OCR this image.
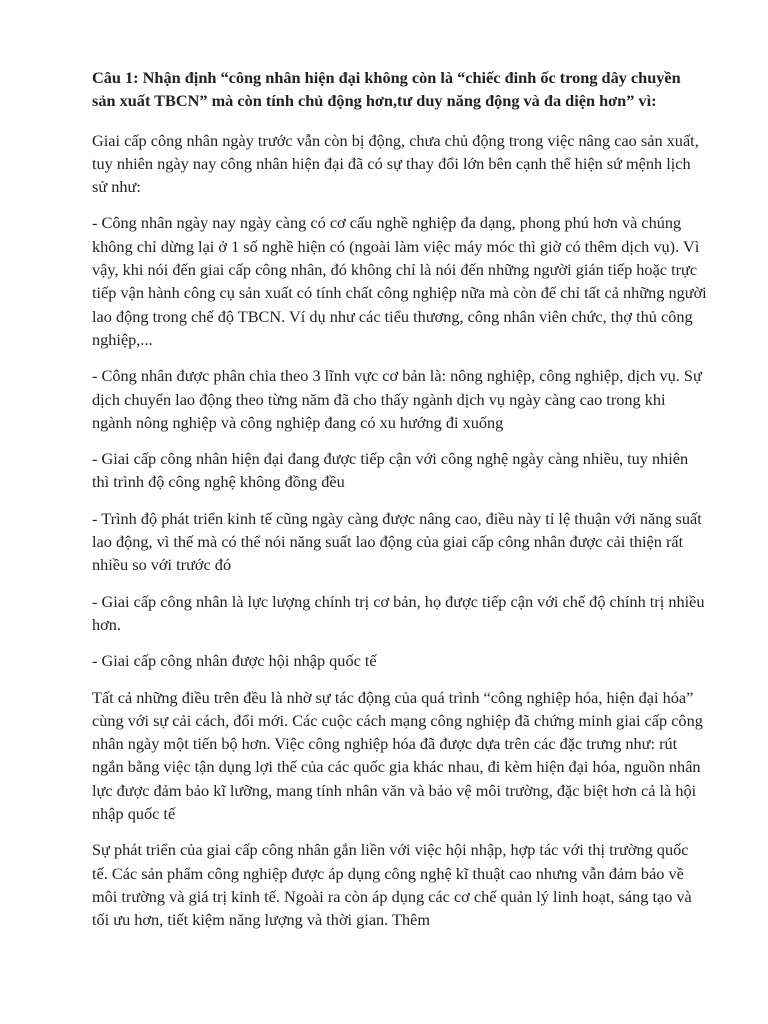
Câu 1: Nhận định “công nhân hiện đại không còn là “chiếc đinh ốc trong dây chuyền sản xuất TBCN” mà còn tính chủ động hơn,tư duy năng động và đa diện hơn” vì:

Giai cấp công nhân ngày trước vẫn còn bị động, chưa chủ động trong việc nâng cao sản xuất, tuy nhiên ngày nay công nhân hiện đại đã có sự thay đổi lớn bên cạnh thể hiện sứ mệnh lịch sử như:

- Công nhân ngày nay ngày càng có cơ cấu nghề nghiệp đa dạng, phong phú hơn và chúng không chỉ dừng lại ở 1 số nghề hiện có (ngoài làm việc máy móc thì giờ có thêm dịch vụ). Vì vậy, khi nói đến giai cấp công nhân, đó không chỉ là nói đến những người gián tiếp hoặc trực tiếp vận hành công cụ sản xuất có tính chất công nghiệp nữa mà còn để chỉ tất cả những người lao động trong chế độ TBCN. Ví dụ như các tiểu thương, công nhân viên chức, thợ thủ công nghiệp,...

- Công nhân được phân chia theo 3 lĩnh vực cơ bản là: nông nghiệp, công nghiệp, dịch vụ. Sự dịch chuyển lao động theo từng năm đã cho thấy ngành dịch vụ ngày càng cao trong khi ngành nông nghiệp và công nghiệp đang có xu hướng đi xuống

- Giai cấp công nhân hiện đại đang được tiếp cận với công nghệ ngày càng nhiều, tuy nhiên thì trình độ công nghệ không đồng đều

- Trình độ phát triển kinh tế cũng ngày càng được nâng cao, điều này tỉ lệ thuận với năng suất lao động, vì thế mà có thể nói năng suất lao động của giai cấp công nhân được cải thiện rất nhiều so với trước đó

- Giai cấp công nhân là lực lượng chính trị cơ bản, họ được tiếp cận với chế độ chính trị nhiều hơn.

- Giai cấp công nhân được hội nhập quốc tế

Tất cả những điều trên đều là nhờ sự tác động của quá trình “công nghiệp hóa, hiện đại hóa” cùng với sự cải cách, đổi mới. Các cuộc cách mạng công nghiệp đã chứng minh giai cấp công nhân ngày một tiến bộ hơn. Việc công nghiệp hóa đã được dựa trên các đặc trưng như: rút ngắn bằng việc tận dụng lợi thế của các quốc gia khác nhau, đi kèm hiện đại hóa, nguồn nhân lực được đảm bảo kĩ lưỡng, mang tính nhân văn và bảo vệ môi trường, đặc biệt hơn cả là hội nhập quốc tế

Sự phát triển của giai cấp công nhân gắn liền với việc hội nhập, hợp tác với thị trường quốc tế. Các sản phẩm công nghiệp được áp dụng công nghệ kĩ thuật cao nhưng vẫn đảm bảo về môi trường và giá trị kinh tế. Ngoài ra còn áp dụng các cơ chế quản lý linh hoạt, sáng tạo và tối ưu hơn, tiết kiệm năng lượng và thời gian. Thêm
